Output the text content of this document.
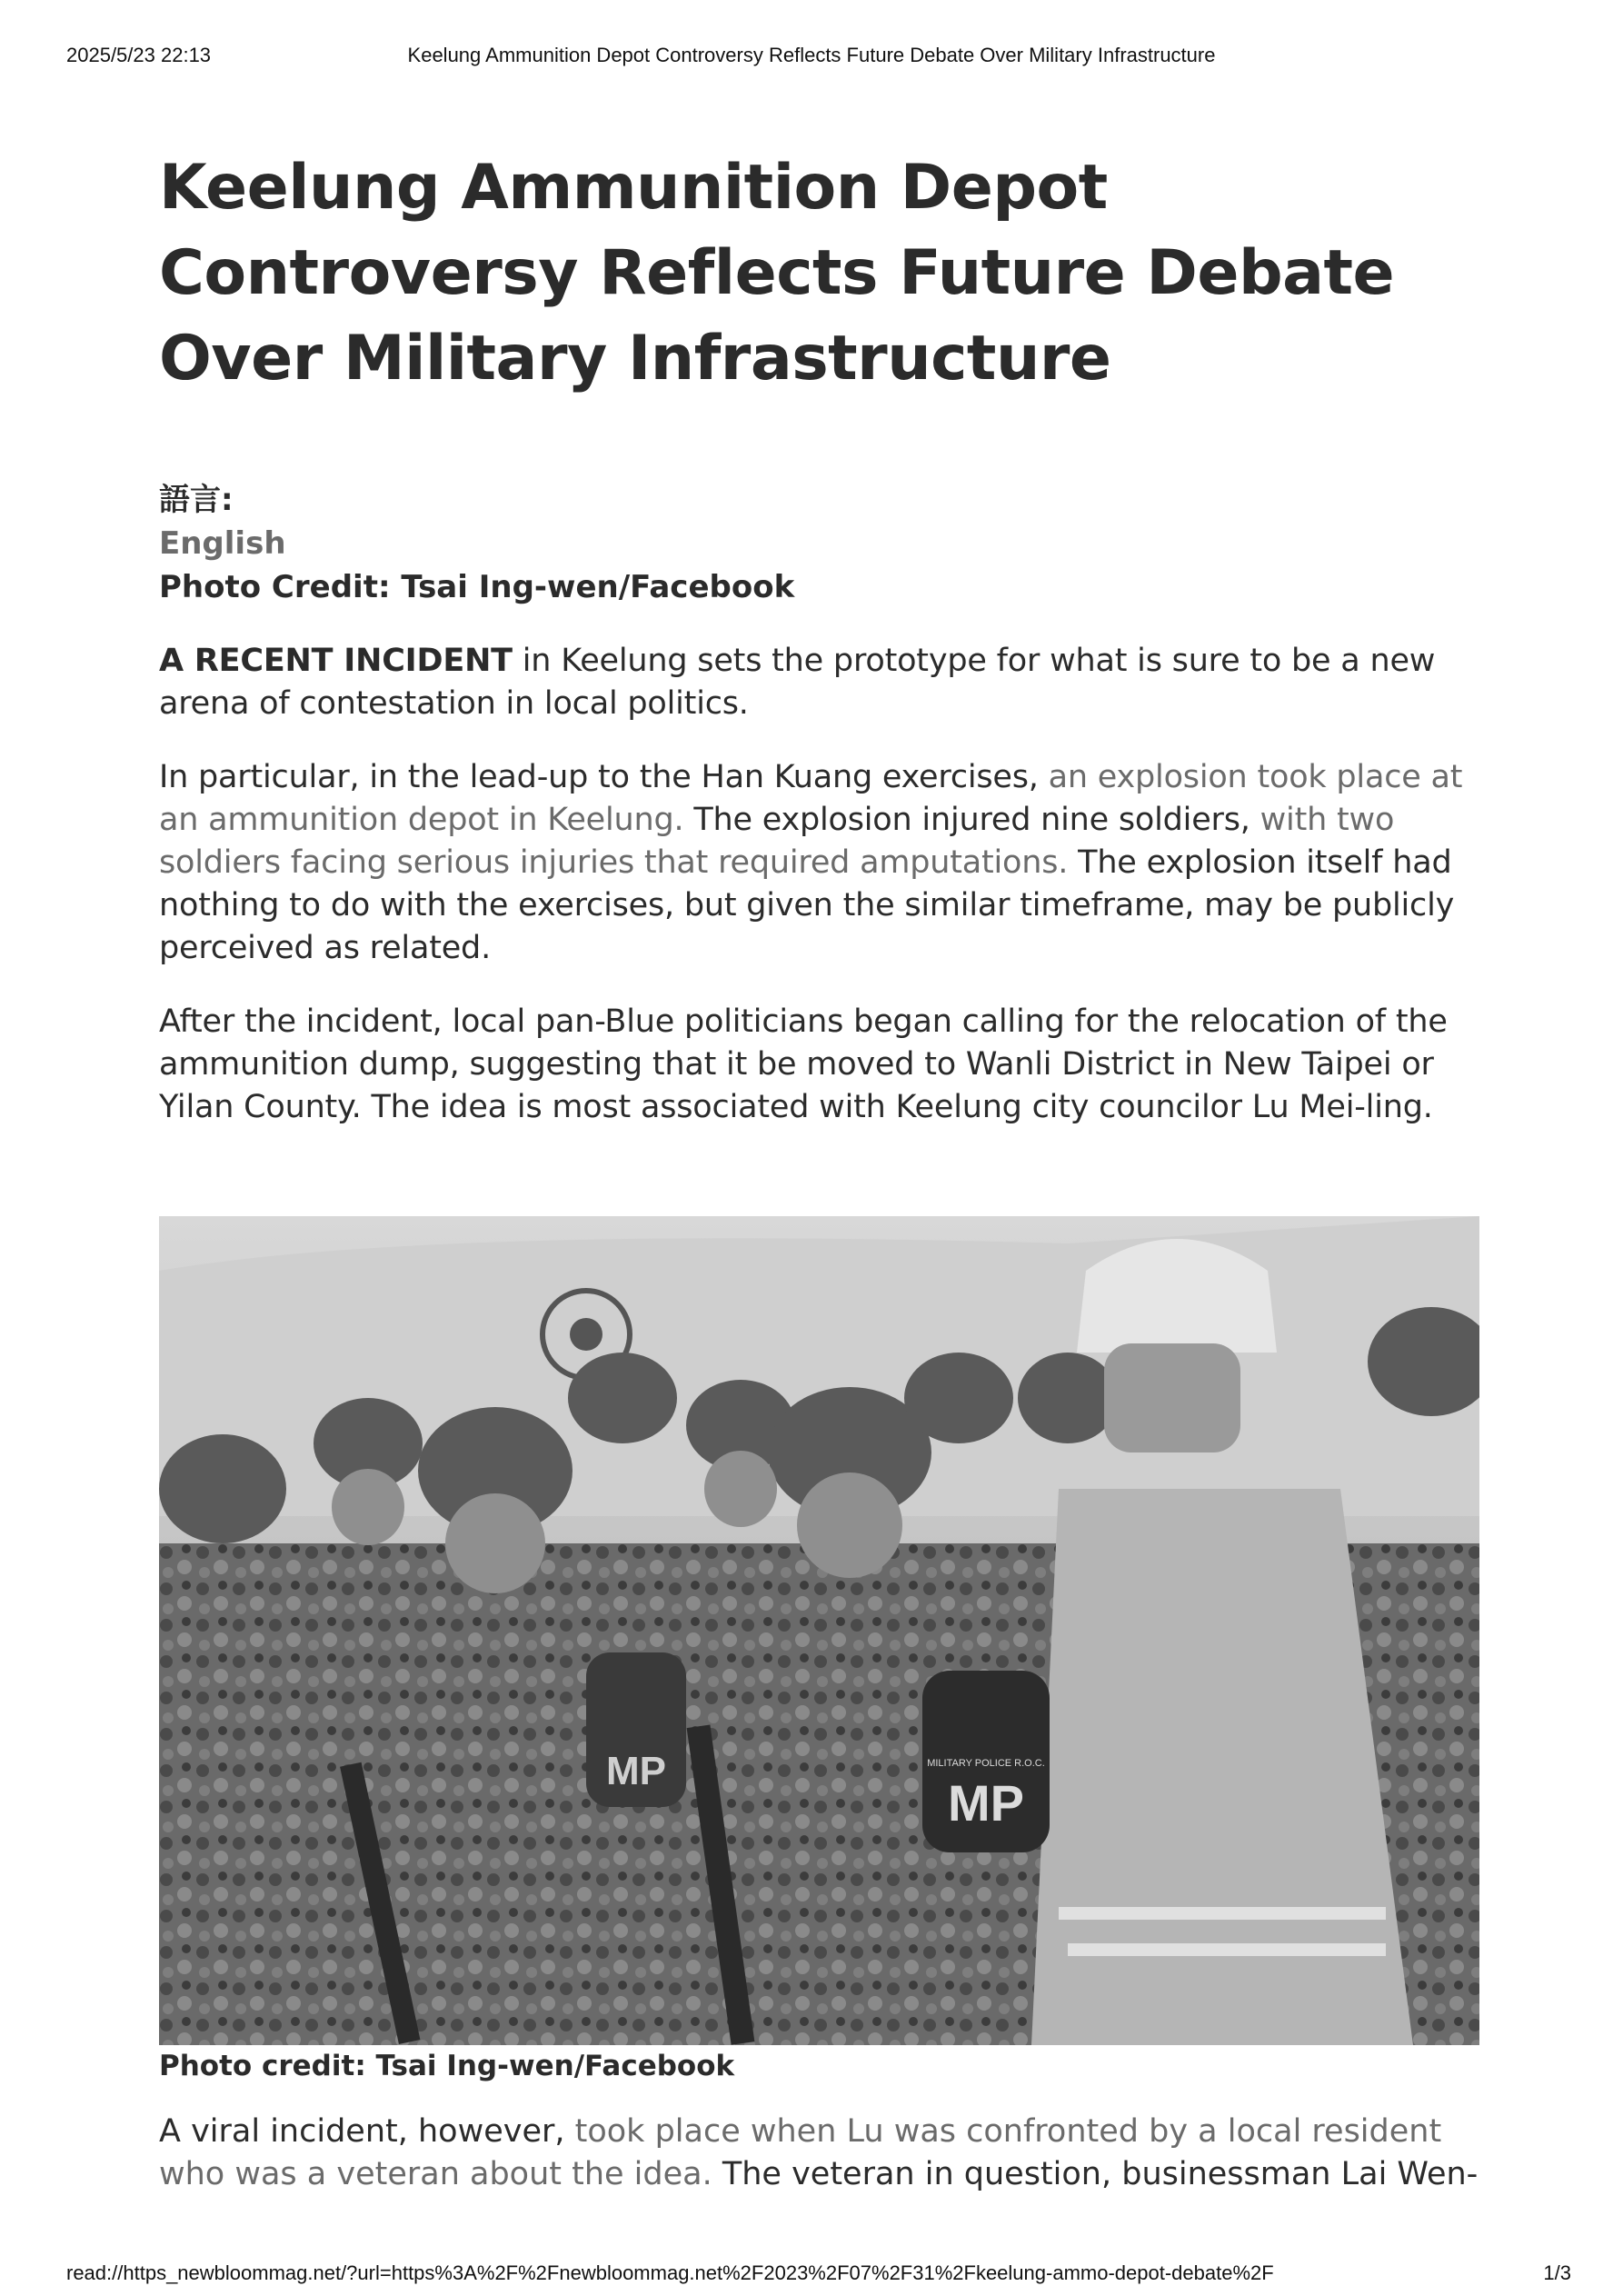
2025/5/23 22:13	Keelung Ammunition Depot Controversy Reflects Future Debate Over Military Infrastructure
Keelung Ammunition Depot Controversy Reflects Future Debate Over Military Infrastructure
語言:
English
Photo Credit: Tsai Ing-wen/Facebook

A RECENT INCIDENT in Keelung sets the prototype for what is sure to be a new arena of contestation in local politics.

In particular, in the lead-up to the Han Kuang exercises, an explosion took place at an ammunition depot in Keelung. The explosion injured nine soldiers, with two soldiers facing serious injuries that required amputations. The explosion itself had nothing to do with the exercises, but given the similar timeframe, may be publicly perceived as related.

After the incident, local pan-Blue politicians began calling for the relocation of the ammunition dump, suggesting that it be moved to Wanli District in New Taipei or Yilan County. The idea is most associated with Keelung city councilor Lu Mei-ling.

MP
MILITARY POLICE R.O.C.
MP
Photo credit: Tsai Ing-wen/Facebook

A viral incident, however, took place when Lu was confronted by a local resident who was a veteran about the idea. The veteran in question, businessman Lai Wen-

read://https_newbloommag.net/?url=https%3A%2F%2Fnewbloommag.net%2F2023%2F07%2F31%2Fkeelung-ammo-depot-debate%2F	1/3
